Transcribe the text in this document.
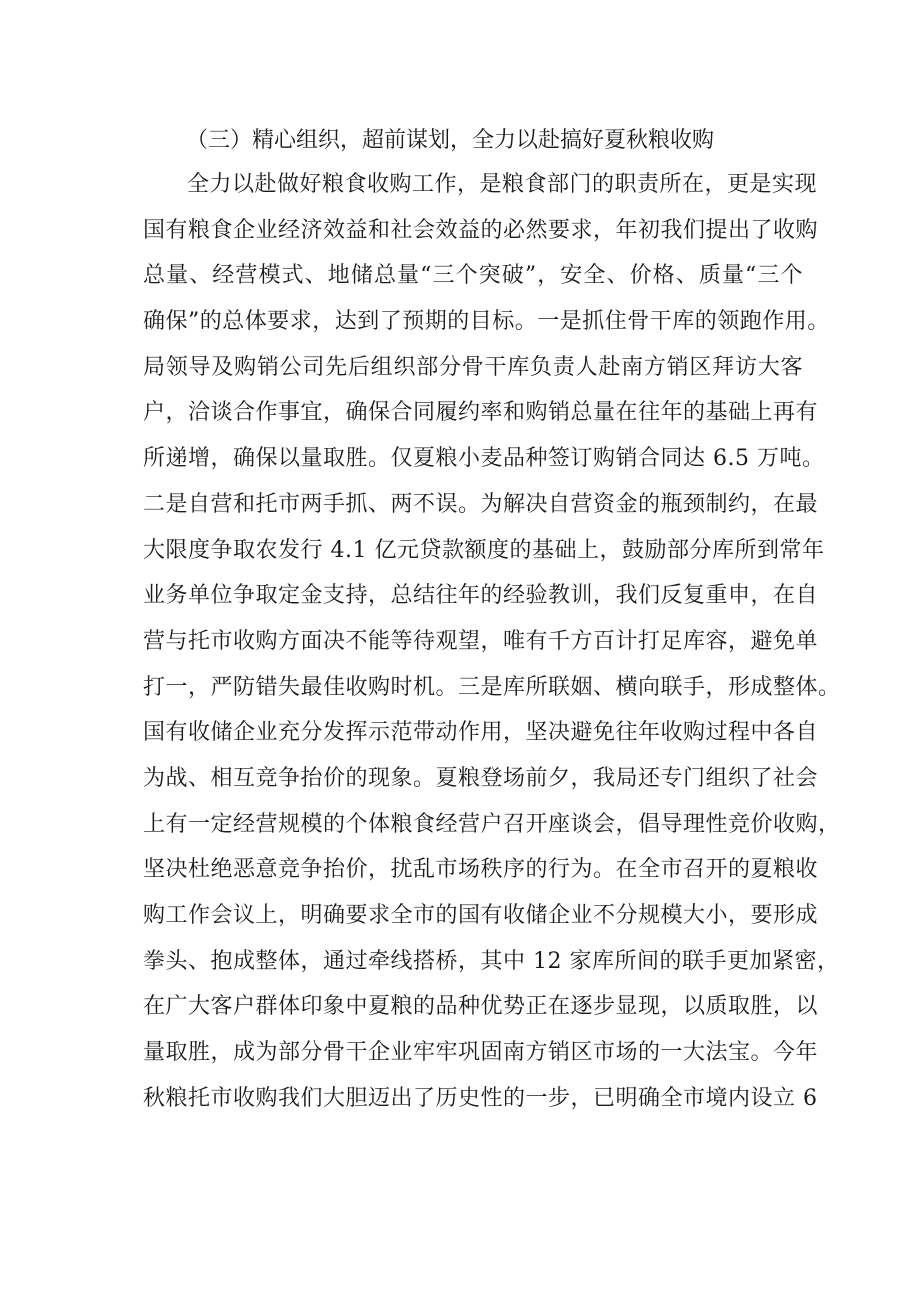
（三）精心组织，超前谋划，全力以赴搞好夏秋粮收购
全力以赴做好粮食收购工作，是粮食部门的职责所在，更是实现
国有粮食企业经济效益和社会效益的必然要求，年初我们提出了收购
总量、经营模式、地储总量“三个突破”，安全、价格、质量“三个
确保”的总体要求，达到了预期的目标。一是抓住骨干库的领跑作用。
局领导及购销公司先后组织部分骨干库负责人赴南方销区拜访大客
户，洽谈合作事宜，确保合同履约率和购销总量在往年的基础上再有
所递增，确保以量取胜。仅夏粮小麦品种签订购销合同达 6.5 万吨。
二是自营和托市两手抓、两不误。为解决自营资金的瓶颈制约，在最
大限度争取农发行 4.1 亿元贷款额度的基础上，鼓励部分库所到常年
业务单位争取定金支持，总结往年的经验教训，我们反复重申，在自
营与托市收购方面决不能等待观望，唯有千方百计打足库容，避免单
打一，严防错失最佳收购时机。三是库所联姻、横向联手，形成整体。
国有收储企业充分发挥示范带动作用，坚决避免往年收购过程中各自
为战、相互竞争抬价的现象。夏粮登场前夕，我局还专门组织了社会
上有一定经营规模的个体粮食经营户召开座谈会，倡导理性竞价收购，
坚决杜绝恶意竞争抬价，扰乱市场秩序的行为。在全市召开的夏粮收
购工作会议上，明确要求全市的国有收储企业不分规模大小，要形成
拳头、抱成整体，通过牵线搭桥，其中 12 家库所间的联手更加紧密，
在广大客户群体印象中夏粮的品种优势正在逐步显现，以质取胜，以
量取胜，成为部分骨干企业牢牢巩固南方销区市场的一大法宝。今年
秋粮托市收购我们大胆迈出了历史性的一步，已明确全市境内设立 6
